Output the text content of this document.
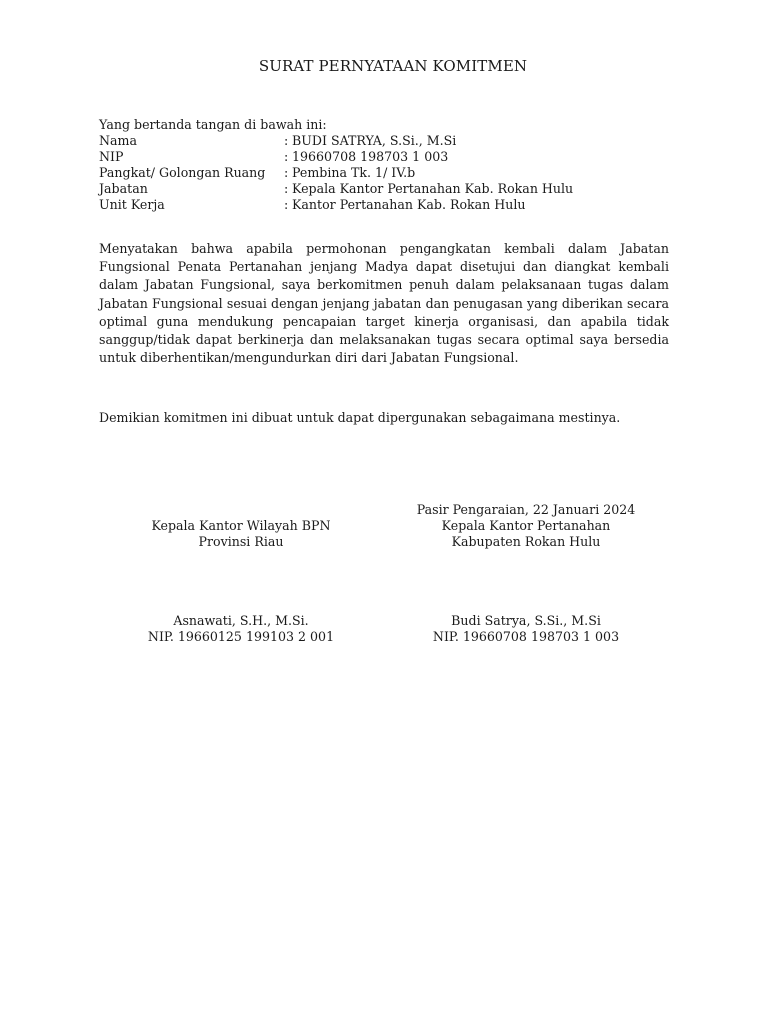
SURAT PERNYATAAN KOMITMEN
Yang bertanda tangan di bawah ini:
Nama	: BUDI SATRYA, S.Si., M.Si
NIP	: 19660708 198703 1 003
Pangkat/ Golongan Ruang	: Pembina Tk. 1/ IV.b
Jabatan	: Kepala Kantor Pertanahan Kab. Rokan Hulu
Unit Kerja	: Kantor Pertanahan Kab. Rokan Hulu
Menyatakan bahwa apabila permohonan pengangkatan kembali dalam Jabatan Fungsional Penata Pertanahan jenjang Madya dapat disetujui dan diangkat kembali dalam Jabatan Fungsional, saya berkomitmen penuh dalam pelaksanaan tugas dalam Jabatan Fungsional sesuai dengan jenjang jabatan dan penugasan yang diberikan secara optimal guna mendukung pencapaian target kinerja organisasi, dan apabila tidak sanggup/tidak dapat berkinerja dan melaksanakan tugas secara optimal saya bersedia untuk diberhentikan/mengundurkan diri dari Jabatan Fungsional.
Demikian komitmen ini dibuat untuk dapat dipergunakan sebagaimana mestinya.
Kepala Kantor Wilayah BPN
Provinsi Riau
Asnawati, S.H., M.Si.
NIP. 19660125 199103 2 001
Pasir Pengaraian, 22 Januari 2024
Kepala Kantor Pertanahan
Kabupaten Rokan Hulu
Budi Satrya, S.Si., M.Si
NIP. 19660708 198703 1 003
